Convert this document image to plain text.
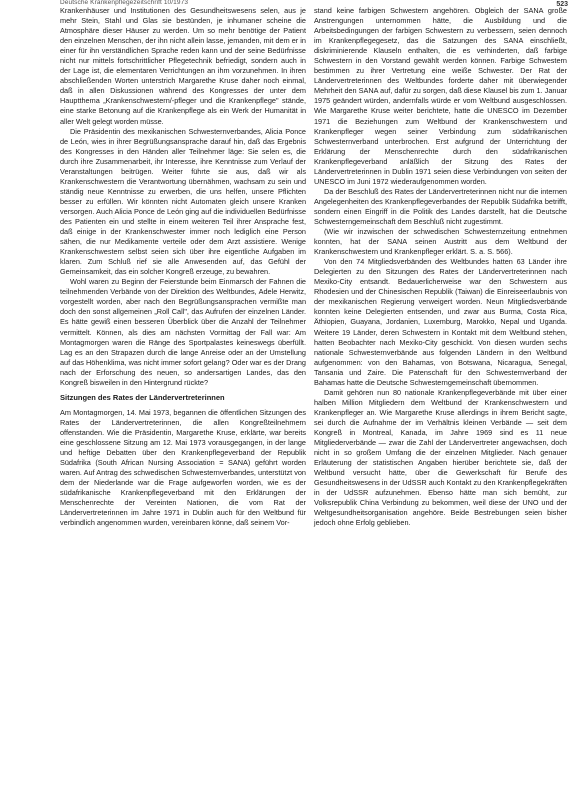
Deutsche Krankenpflegezeitschrift 10/1973	523

Krankenhäuser und Institutionen des Gesundheitswesens selen, aus je mehr Stein, Stahl und Glas sie bestünden, je inhumaner scheine die Atmosphäre dieser Häuser zu werden. Um so mehr benötige der Patient den einzelnen Menschen, der ihn nicht allein lasse, jemanden, mit dem er in einer für ihn verständlichen Sprache reden kann und der seine Bedürfnisse nicht nur mittels fortschrittlicher Pflegetechnik befriedigt, sondern auch in der Lage ist, die elementaren Verrichtungen an ihm vorzunehmen. In ihren abschließenden Worten unterstrich Margarethe Kruse daher noch einmal, daß in allen Diskussionen während des Kongresses der unter dem Hauptthema „Krankenschwestern/-pfleger und die Krankenpflege" stände, eine starke Betonung auf die Krankenpflege als ein Werk der Humanität in aller Welt gelegt worden müsse.

Die Präsidentin des mexikanischen Schwesternverbandes, Alicia Ponce de León, wies in ihrer Begrüßungsansprache darauf hin, daß das Ergebnis des Kongresses in den Händen aller Teilnehmer läge: Sie selen es, die durch ihre Zusammenarbeit, ihr Interesse, ihre Kenntnisse zum Verlauf der Veranstaltungen beitrügen. Weiter führte sie aus, daß wir als Krankenschwestern die Verantwortung übernähmen, wachsam zu sein und ständig neue Kenntnisse zu erwerben, die uns helfen, unsere Pflichten besser zu erfüllen. Wir könnten nicht Automaten gleich unsere Kranken versorgen. Auch Alicia Ponce de León ging auf die individuellen Bedürfnisse des Patienten ein und stellte in einem weiteren Teil ihrer Ansprache fest, daß einige in der Krankenschwester immer noch lediglich eine Person sähen, die nur Medikamente verteile oder dem Arzt assistiere. Wenige Krankenschwestern selbst seien sich über ihre eigentliche Aufgaben im klaren. Zum Schluß rief sie alle Anwesenden auf, das Gefühl der Gemeinsamkeit, das ein solcher Kongreß erzeuge, zu bewahren.

Wohl waren zu Beginn der Feierstunde beim Einmarsch der Fahnen die teilnehmenden Verbände von der Direktion des Weltbundes, Adele Herwitz, vorgestellt worden, aber nach den Begrüßungsansprachen vermißte man doch den sonst allgemeinen „Roll Call", das Aufrufen der einzelnen Länder. Es hätte gewiß einen besseren Überblick über die Anzahl der Teilnehmer vermittelt. Können, als dies am nächsten Vormittag der Fall war: Am Montagmorgen waren die Ränge des Sportpalastes keineswegs überfüllt. Lag es an den Strapazen durch die lange Anreise oder an der Umstellung auf das Höhenklima, was nicht immer sofort gelang? Oder war es der Drang nach der Erforschung des neuen, so andersartigen Landes, das den Kongreß bisweilen in den Hintergrund rückte?

Sitzungen des Rates der Ländervertreterinnen

Am Montagmorgen, 14. Mai 1973, begannen die öffentlichen Sitzungen des Rates der Ländervertreterinnen, die allen Kongreßteilnehmern offenstanden. Wie die Präsidentin, Margarethe Kruse, erklärte, war bereits eine geschlossene Sitzung am 12. Mai 1973 vorausgegangen, in der lange und heftige Debatten über den Krankenpflegeverband der Republik Südafrika (South African Nursing Association = SANA) geführt worden waren. Auf Antrag des schwedischen Schwesternverbandes, unterstützt von dem der Niederlande war die Frage aufgeworfen worden, wie es der südafrikanische Krankenpflegeverband mit den Erklärungen der Menschenrechte der Vereinten Nationen, die vom Rat der Ländervertreterinnen im Jahre 1971 in Dublin auch für den Weltbund für verbindlich angenommen wurden, vereinbaren könne, daß seinem Vor-

stand keine farbigen Schwestern angehören. Obgleich der SANA große Anstrengungen unternommen hätte, die Ausbildung und die Arbeitsbedingungen der farbigen Schwestern zu verbessern, seien dennoch im Krankenpflegegesetz, das die Satzungen des SANA einschließt, diskriminierende Klauseln enthalten, die es verhinderten, daß farbige Schwestern in den Vorstand gewählt werden können. Farbige Schwestern bestimmen zu ihrer Vertretung eine weiße Schwester. Der Rat der Ländervertreterinnen des Weltbundes forderte daher mit überwiegender Mehrheit den SANA auf, dafür zu sorgen, daß diese Klausel bis zum 1. Januar 1975 geändert würden, andernfalls würde er vom Weltbund ausgeschlossen. Wie Margarethe Kruse weiter berichtete, hatte die UNESCO im Dezember 1971 die Beziehungen zum Weltbund der Krankenschwestern und Krankenpfleger wegen seiner Verbindung zum südafrikanischen Schwesternverband unterbrochen. Erst aufgrund der Unterrichtung der Erklärung der Menschenrechte durch den südafrikanischen Krankenpflegeverband anläßlich der Sitzung des Rates der Ländervertreterinnen in Dublin 1971 seien diese Verbindungen von seiten der UNESCO im Juni 1972 wiederaufgenommen worden.

Da der Beschluß des Rates der Ländervertreterinnen nicht nur die internen Angelegenheiten des Krankenpflegeverbandes der Republik Südafrika betrifft, sondern einen Eingriff in die Politik des Landes darstellt, hat die Deutsche Schwesterngemeinschaft dem Beschluß nicht zugestimmt.

(Wie wir inzwischen der schwedischen Schwesternzeitung entnehmen konnten, hat der SANA seinen Austritt aus dem Weltbund der Krankenschwestern und Krankenpfleger erklärt. S. a. S. 566).

Von den 74 Mitgliedsverbänden des Weltbundes hatten 63 Länder ihre Delegierten zu den Sitzungen des Rates der Ländervertreterinnen nach Mexiko-City entsandt. Bedauerlicherweise war den Schwestern aus Rhodesien und der Chinesischen Republik (Taiwan) die Einreiseerlaubnis von der mexikanischen Regierung verweigert worden. Neun Mitgliedsverbände konnten keine Delegierten entsenden, und zwar aus Burma, Costa Rica, Äthiopien, Guayana, Jordanien, Luxemburg, Marokko, Nepal und Uganda. Weitere 19 Länder, deren Schwestern in Kontakt mit dem Weltbund stehen, hatten Beobachter nach Mexiko-City geschickt. Von diesen wurden sechs nationale Schwesternverbände aus folgenden Ländern in den Weltbund aufgenommen: von den Bahamas, von Botswana, Nicaragua, Senegal, Tansania und Zaire. Die Patenschaft für den Schwesternverband der Bahamas hatte die Deutsche Schwesterngemeinschaft übernommen.

Damit gehören nun 80 nationale Krankenpflegeverbände mit über einer halben Million Mitgliedern dem Weltbund der Krankenschwestern und Krankenpfleger an. Wie Margarethe Kruse allerdings in ihrem Bericht sagte, sei durch die Aufnahme der im Verhältnis kleinen Verbände — seit dem Kongreß in Montreal, Kanada, im Jahre 1969 sind es 11 neue Mitgliederverbände — zwar die Zahl der Ländervertreter angewachsen, doch nicht in so großem Umfang die der einzelnen Mitglieder. Nach genauer Erläuterung der statistischen Angaben hierüber berichtete sie, daß der Weltbund versucht hätte, über die Gewerkschaft für Berufe des Gesundheitswesens in der UdSSR auch Kontakt zu den Krankenpflegekräften in der UdSSR aufzunehmen. Ebenso hätte man sich bemüht, zur Volksrepublik China Verbindung zu bekommen, weil diese der UNO und der Weltgesundheitsorganisation angehöre. Beide Bestrebungen seien bisher jedoch ohne Erfolg geblieben.
